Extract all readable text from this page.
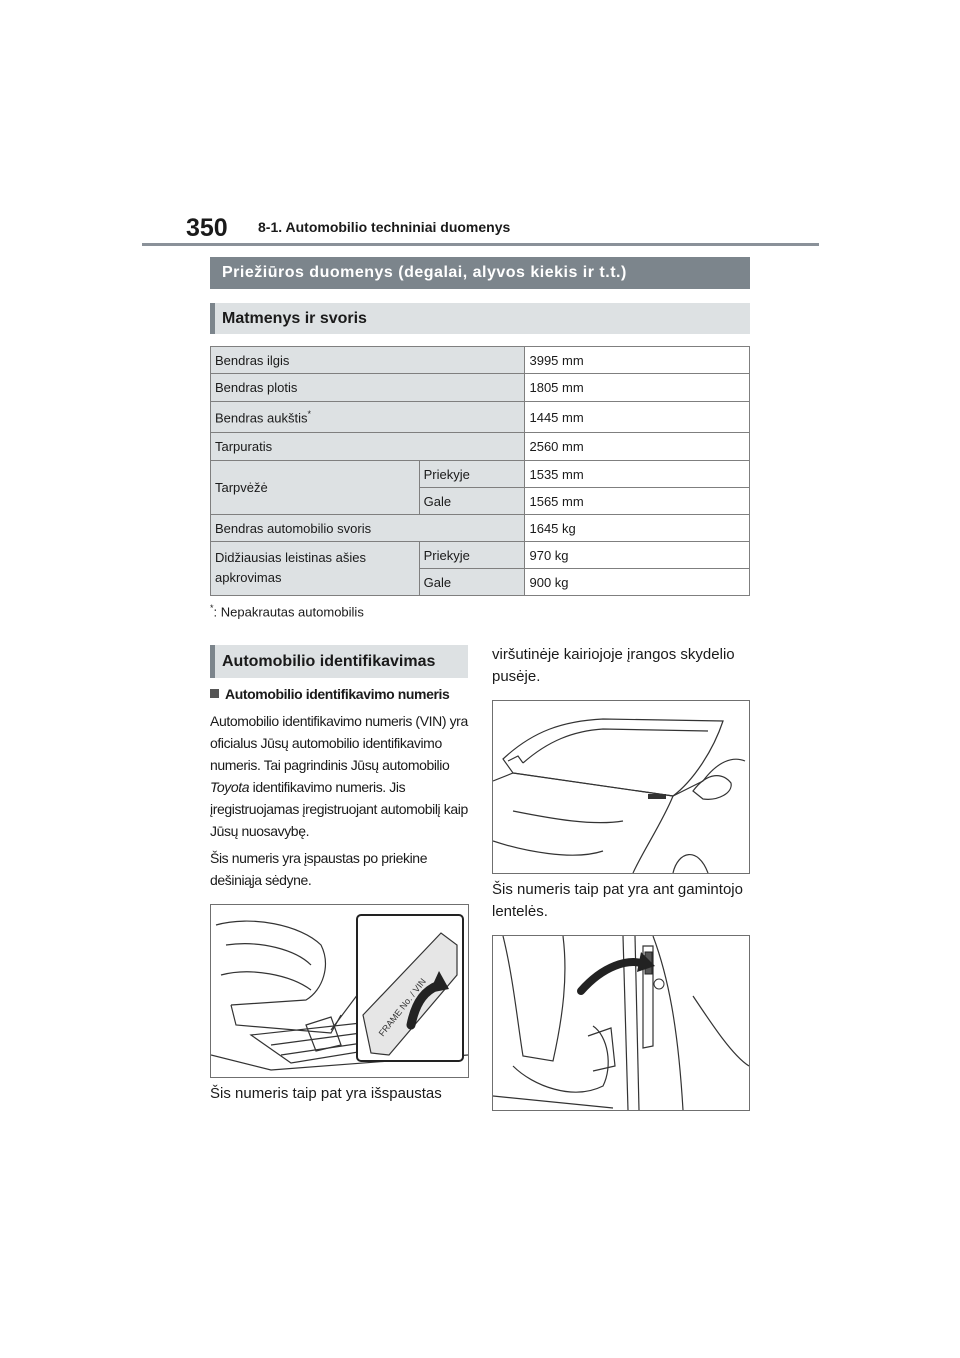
350 8-1. Automobilio techniniai duomenys
Priežiūros duomenys (degalai, alyvos kiekis ir t.t.)
Matmenys ir svoris
Bendras ilgis		3995 mm
Bendras plotis		1805 mm
Bendras aukštis*		1445 mm
Tarpuratis		2560 mm
Tarpvėžė	Priekyje	1535 mm
	Gale	1565 mm
Bendras automobilio svoris		1645 kg
Didžiausias leistinas ašies apkrovimas	Priekyje	970 kg
	Gale	900 kg
*: Nepakrautas automobilis
Automobilio identifikavimas
Automobilio identifikavimo numeris
Automobilio identifikavimo numeris (VIN) yra oficialus Jūsų automobilio identifikavimo numeris. Tai pagrindinis Jūsų automobilio Toyota identifikavimo numeris. Jis įregistruojamas įregistruojant automobilį kaip Jūsų nuosavybę.
Šis numeris yra įspaustas po priekine dešiniąja sėdyne.
FRAME No. / VIN
Šis numeris taip pat yra išspaustas
viršutinėje kairiojoje įrangos skydelio pusėje.
Šis numeris taip pat yra ant gamintojo lentelės.
